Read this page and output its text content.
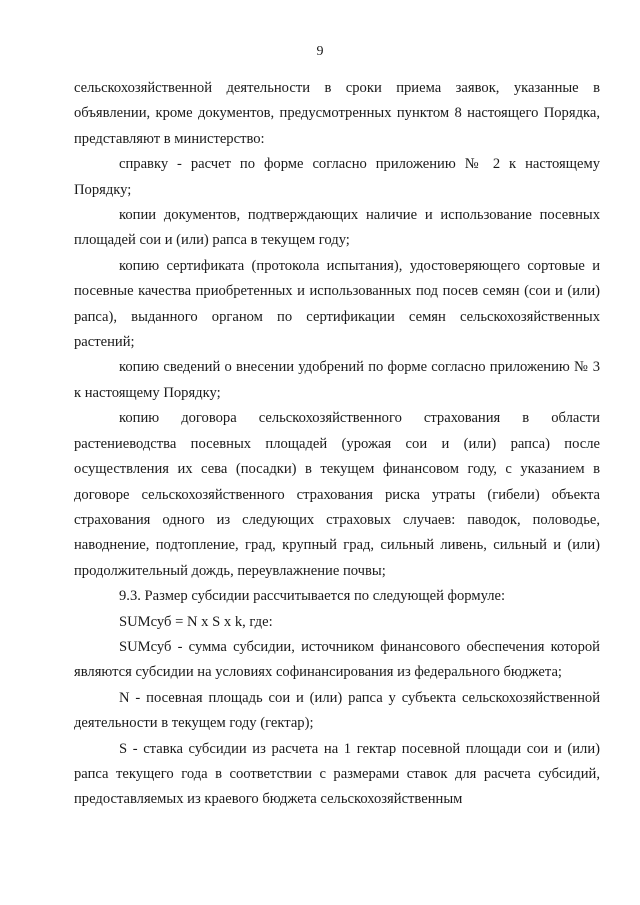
9

сельскохозяйственной деятельности в сроки приема заявок, указанные в объявлении, кроме документов, предусмотренных пунктом 8 настоящего Порядка, представляют в министерство:

справку - расчет по форме согласно приложению № 2 к настоящему Порядку;

копии документов, подтверждающих наличие и использование посевных площадей сои и (или) рапса в текущем году;

копию сертификата (протокола испытания), удостоверяющего сортовые и посевные качества приобретенных и использованных под посев семян (сои и (или) рапса), выданного органом по сертификации семян сельскохозяйственных растений;

копию сведений о внесении удобрений по форме согласно приложению № 3 к настоящему Порядку;

копию договора сельскохозяйственного страхования в области растениеводства посевных площадей (урожая сои и (или) рапса) после осуществления их сева (посадки) в текущем финансовом году, с указанием в договоре сельскохозяйственного страхования риска утраты (гибели) объекта страхования одного из следующих страховых случаев: паводок, половодье, наводнение, подтопление, град, крупный град, сильный ливень, сильный и (или) продолжительный дождь, переувлажнение почвы;

9.3. Размер субсидии рассчитывается по следующей формуле:

SUMсуб = N x S x k, где:

SUMсуб - сумма субсидии, источником финансового обеспечения которой являются субсидии на условиях софинансирования из федерального бюджета;

N - посевная площадь сои и (или) рапса у субъекта сельскохозяйственной деятельности в текущем году (гектар);

S - ставка субсидии из расчета на 1 гектар посевной площади сои и (или) рапса текущего года в соответствии с размерами ставок для расчета субсидий, предоставляемых из краевого бюджета сельскохозяйственным
